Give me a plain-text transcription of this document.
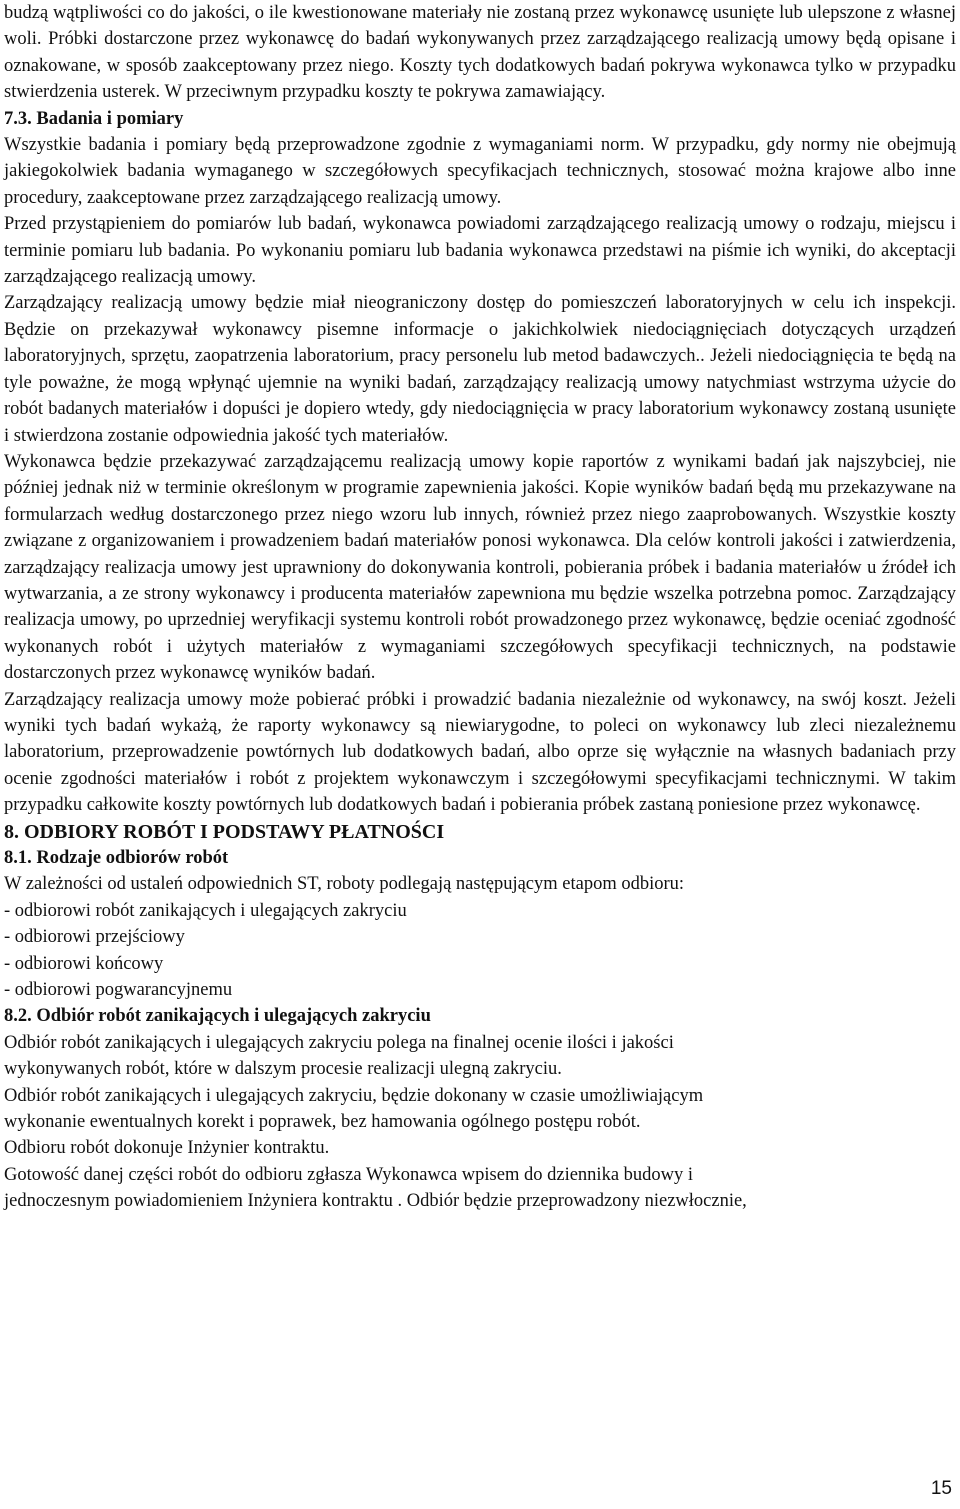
budzą wątpliwości co do jakości, o ile kwestionowane materiały nie zostaną przez wykonawcę usunięte lub ulepszone z własnej woli. Próbki dostarczone przez wykonawcę do badań wykonywanych przez zarządzającego realizacją umowy będą opisane i oznakowane, w sposób zaakceptowany przez niego. Koszty tych dodatkowych badań pokrywa wykonawca tylko w przypadku stwierdzenia usterek. W przeciwnym przypadku koszty te pokrywa zamawiający.

7.3. Badania i pomiary

Wszystkie badania i pomiary będą przeprowadzone zgodnie z wymaganiami norm. W przypadku, gdy normy nie obejmują jakiegokolwiek badania wymaganego w szczegółowych specyfikacjach technicznych, stosować można krajowe albo inne procedury, zaakceptowane przez zarządzającego realizacją umowy.

Przed przystąpieniem do pomiarów lub badań, wykonawca powiadomi zarządzającego realizacją umowy o rodzaju, miejscu i terminie pomiaru lub badania. Po wykonaniu pomiaru lub badania wykonawca przedstawi na piśmie ich wyniki, do akceptacji zarządzającego realizacją umowy.

Zarządzający realizacją umowy będzie miał nieograniczony dostęp do pomieszczeń laboratoryjnych w celu ich inspekcji. Będzie on przekazywał wykonawcy pisemne informacje o jakichkolwiek niedociągnięciach dotyczących urządzeń laboratoryjnych, sprzętu, zaopatrzenia laboratorium, pracy personelu lub metod badawczych.. Jeżeli niedociągnięcia te będą na tyle poważne, że mogą wpłynąć ujemnie na wyniki badań, zarządzający realizacją umowy natychmiast wstrzyma użycie do robót badanych materiałów i dopuści je dopiero wtedy, gdy niedociągnięcia w pracy laboratorium wykonawcy zostaną usunięte i stwierdzona zostanie odpowiednia jakość tych materiałów.

Wykonawca będzie przekazywać zarządzającemu realizacją umowy kopie raportów z wynikami badań jak najszybciej, nie później jednak niż w terminie określonym w programie zapewnienia jakości. Kopie wyników badań będą mu przekazywane na formularzach według dostarczonego przez niego wzoru lub innych, również przez niego zaaprobowanych. Wszystkie koszty związane z organizowaniem i prowadzeniem badań materiałów ponosi wykonawca. Dla celów kontroli jakości i zatwierdzenia, zarządzający realizacja umowy jest uprawniony do dokonywania kontroli, pobierania próbek i badania materiałów u źródeł ich wytwarzania, a ze strony wykonawcy i producenta materiałów zapewniona mu będzie wszelka potrzebna pomoc. Zarządzający realizacja umowy, po uprzedniej weryfikacji systemu kontroli robót prowadzonego przez wykonawcę, będzie oceniać zgodność wykonanych robót i użytych materiałów z wymaganiami szczegółowych specyfikacji technicznych, na podstawie dostarczonych przez wykonawcę wyników badań.

Zarządzający realizacja umowy może pobierać próbki i prowadzić badania niezależnie od wykonawcy, na swój koszt. Jeżeli wyniki tych badań wykażą, że raporty wykonawcy są niewiarygodne, to poleci on wykonawcy lub zleci niezależnemu laboratorium, przeprowadzenie powtórnych lub dodatkowych badań, albo oprze się wyłącznie na własnych badaniach przy ocenie zgodności materiałów i robót z projektem wykonawczym i szczegółowymi specyfikacjami technicznymi. W takim przypadku całkowite koszty powtórnych lub dodatkowych badań i pobierania próbek zastaną poniesione przez wykonawcę.

8. ODBIORY ROBÓT I PODSTAWY PŁATNOŚCI

8.1. Rodzaje odbiorów robót

W zależności od ustaleń odpowiednich ST, roboty podlegają następującym etapom odbioru:

- odbiorowi robót zanikających i ulegających zakryciu

- odbiorowi przejściowy

- odbiorowi końcowy

- odbiorowi pogwarancyjnemu

8.2. Odbiór robót zanikających i ulegających zakryciu

Odbiór robót zanikających i ulegających zakryciu polega na finalnej ocenie ilości i jakości

wykonywanych robót, które w dalszym procesie realizacji ulegną zakryciu.

Odbiór robót zanikających i ulegających zakryciu, będzie dokonany w czasie umożliwiającym

wykonanie ewentualnych korekt i poprawek, bez hamowania ogólnego postępu robót.

Odbioru robót dokonuje Inżynier kontraktu.

Gotowość danej części robót do odbioru zgłasza Wykonawca wpisem do dziennika budowy i

jednoczesnym powiadomieniem Inżyniera kontraktu . Odbiór będzie przeprowadzony niezwłocznie,

15
